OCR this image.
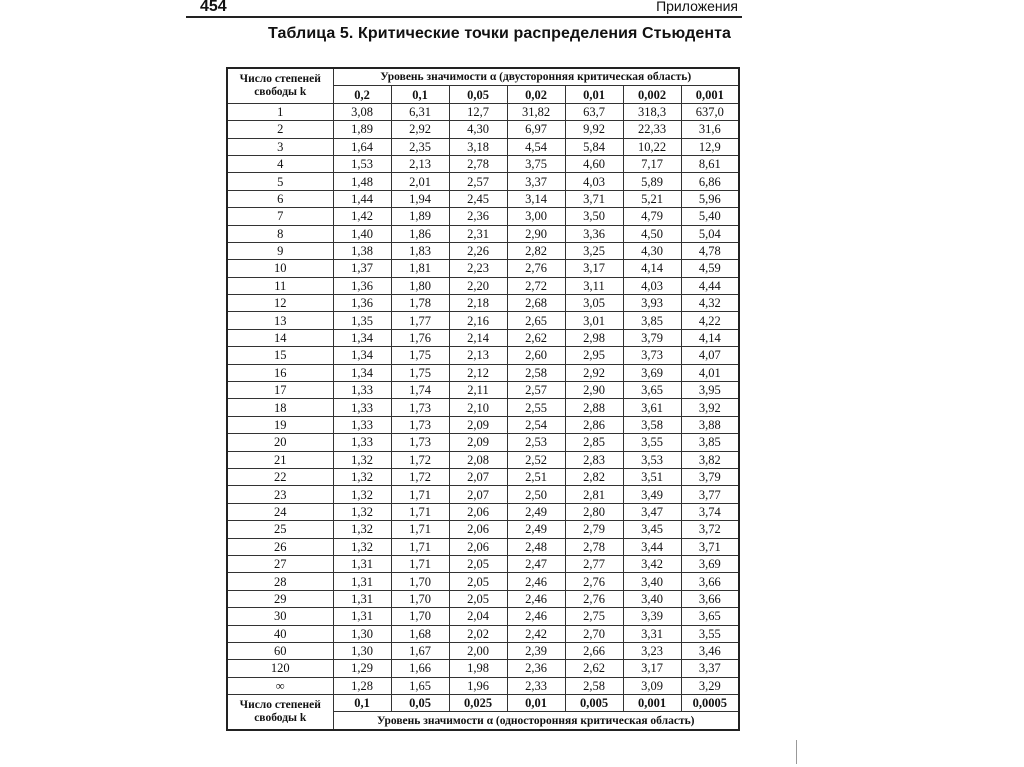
454	Приложения
Таблица 5. Критические точки распределения Стьюдента
Число степеней свободы k	Уровень значимости α (двусторонняя критическая область)						
	0,2	0,1	0,05	0,02	0,01	0,002	0,001
1	3,08	6,31	12,7	31,82	63,7	318,3	637,0
2	1,89	2,92	4,30	6,97	9,92	22,33	31,6
3	1,64	2,35	3,18	4,54	5,84	10,22	12,9
4	1,53	2,13	2,78	3,75	4,60	7,17	8,61
5	1,48	2,01	2,57	3,37	4,03	5,89	6,86
6	1,44	1,94	2,45	3,14	3,71	5,21	5,96
7	1,42	1,89	2,36	3,00	3,50	4,79	5,40
8	1,40	1,86	2,31	2,90	3,36	4,50	5,04
9	1,38	1,83	2,26	2,82	3,25	4,30	4,78
10	1,37	1,81	2,23	2,76	3,17	4,14	4,59
11	1,36	1,80	2,20	2,72	3,11	4,03	4,44
12	1,36	1,78	2,18	2,68	3,05	3,93	4,32
13	1,35	1,77	2,16	2,65	3,01	3,85	4,22
14	1,34	1,76	2,14	2,62	2,98	3,79	4,14
15	1,34	1,75	2,13	2,60	2,95	3,73	4,07
16	1,34	1,75	2,12	2,58	2,92	3,69	4,01
17	1,33	1,74	2,11	2,57	2,90	3,65	3,95
18	1,33	1,73	2,10	2,55	2,88	3,61	3,92
19	1,33	1,73	2,09	2,54	2,86	3,58	3,88
20	1,33	1,73	2,09	2,53	2,85	3,55	3,85
21	1,32	1,72	2,08	2,52	2,83	3,53	3,82
22	1,32	1,72	2,07	2,51	2,82	3,51	3,79
23	1,32	1,71	2,07	2,50	2,81	3,49	3,77
24	1,32	1,71	2,06	2,49	2,80	3,47	3,74
25	1,32	1,71	2,06	2,49	2,79	3,45	3,72
26	1,32	1,71	2,06	2,48	2,78	3,44	3,71
27	1,31	1,71	2,05	2,47	2,77	3,42	3,69
28	1,31	1,70	2,05	2,46	2,76	3,40	3,66
29	1,31	1,70	2,05	2,46	2,76	3,40	3,66
30	1,31	1,70	2,04	2,46	2,75	3,39	3,65
40	1,30	1,68	2,02	2,42	2,70	3,31	3,55
60	1,30	1,67	2,00	2,39	2,66	3,23	3,46
120	1,29	1,66	1,98	2,36	2,62	3,17	3,37
∞	1,28	1,65	1,96	2,33	2,58	3,09	3,29
Число степеней свободы k	0,1	0,05	0,025	0,01	0,005	0,001	0,0005
	Уровень значимости α (односторонняя критическая область)						
